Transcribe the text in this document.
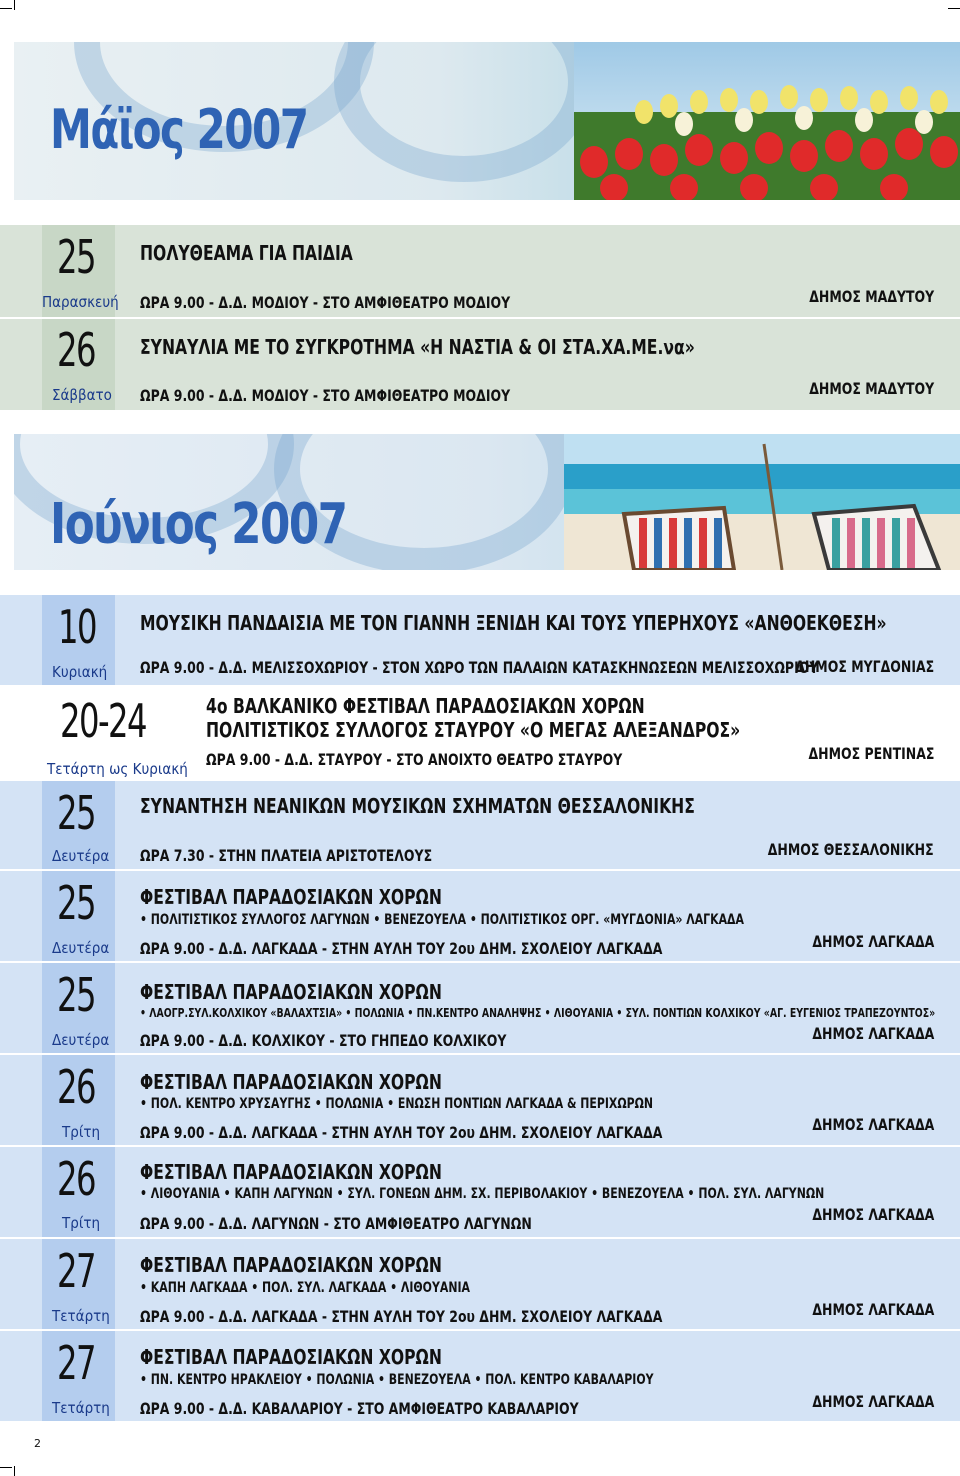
Μάϊος 2007
25
Παρασκευή
ΠΟΛΥΘΕΑΜΑ ΓΙΑ ΠΑΙΔΙΑ
ΩΡΑ 9.00 - Δ.Δ. ΜΟΔΙΟΥ - ΣΤΟ ΑΜΦΙΘΕΑΤΡΟ ΜΟΔΙΟΥ	ΔΗΜΟΣ ΜΑΔΥΤΟΥ
26
Σάββατο
ΣΥΝΑΥΛΙΑ ΜΕ ΤΟ ΣΥΓΚΡΟΤΗΜΑ «Η ΝΑΣΤΙΑ & ΟΙ ΣΤΑ.ΧΑ.ΜΕ.να»
ΩΡΑ 9.00 - Δ.Δ. ΜΟΔΙΟΥ - ΣΤΟ ΑΜΦΙΘΕΑΤΡΟ ΜΟΔΙΟΥ	ΔΗΜΟΣ ΜΑΔΥΤΟΥ
Ιούνιος 2007
10
Κυριακή
ΜΟΥΣΙΚΗ ΠΑΝΔΑΙΣΙΑ ΜΕ ΤΟΝ ΓΙΑΝΝΗ ΞΕΝΙΔΗ ΚΑΙ ΤΟΥΣ ΥΠΕΡΗΧΟΥΣ «ΑΝΘΟΕΚΘΕΣΗ»
ΩΡΑ 9.00 - Δ.Δ. ΜΕΛΙΣΣΟΧΩΡΙΟΥ - ΣΤΟΝ ΧΩΡΟ ΤΩΝ ΠΑΛΑΙΩΝ ΚΑΤΑΣΚΗΝΩΣΕΩΝ ΜΕΛΙΣΣΟΧΩΡΙΟΥ
ΔΗΜΟΣ ΜΥΓΔΟΝΙΑΣ
20-24
Τετάρτη ως Κυριακή
4ο ΒΑΛΚΑΝΙΚΟ ΦΕΣΤΙΒΑΛ ΠΑΡΑΔΟΣΙΑΚΩΝ ΧΟΡΩΝ
ΠΟΛΙΤΙΣΤΙΚΟΣ ΣΥΛΛΟΓΟΣ ΣΤΑΥΡΟΥ «Ο ΜΕΓΑΣ ΑΛΕΞΑΝΔΡΟΣ»
ΩΡΑ 9.00 - Δ.Δ. ΣΤΑΥΡΟΥ - ΣΤΟ ΑΝΟΙΧΤΟ ΘΕΑΤΡΟ ΣΤΑΥΡΟΥ	ΔΗΜΟΣ ΡΕΝΤΙΝΑΣ
25
Δευτέρα
ΣΥΝΑΝΤΗΣΗ ΝΕΑΝΙΚΩΝ ΜΟΥΣΙΚΩΝ ΣΧΗΜΑΤΩΝ ΘΕΣΣΑΛΟΝΙΚΗΣ
ΩΡΑ 7.30 - ΣΤΗΝ ΠΛΑΤΕΙΑ ΑΡΙΣΤΟΤΕΛΟΥΣ	ΔΗΜΟΣ ΘΕΣΣΑΛΟΝΙΚΗΣ
25
Δευτέρα
ΦΕΣΤΙΒΑΛ ΠΑΡΑΔΟΣΙΑΚΩΝ ΧΟΡΩΝ
• ΠΟΛΙΤΙΣΤΙΚΟΣ ΣΥΛΛΟΓΟΣ ΛΑΓΥΝΩΝ • ΒΕΝΕΖΟΥΕΛΑ • ΠΟΛΙΤΙΣΤΙΚΟΣ ΟΡΓ. «ΜΥΓΔΟΝΙΑ» ΛΑΓΚΑΔΑ
ΩΡΑ 9.00 - Δ.Δ. ΛΑΓΚΑΔΑ - ΣΤΗΝ ΑΥΛΗ ΤΟΥ 2ου ΔΗΜ. ΣΧΟΛΕΙΟΥ ΛΑΓΚΑΔΑ	ΔΗΜΟΣ ΛΑΓΚΑΔΑ
25
Δευτέρα
ΦΕΣΤΙΒΑΛ ΠΑΡΑΔΟΣΙΑΚΩΝ ΧΟΡΩΝ
• ΛΑΟΓΡ.ΣΥΛ.ΚΟΛΧΙΚΟΥ «ΒΑΛΑΧΤΣΙΑ» • ΠΟΛΩΝΙΑ • ΠΝ.ΚΕΝΤΡΟ ΑΝΑΛΗΨΗΣ • ΛΙΘΟΥΑΝΙΑ • ΣΥΛ. ΠΟΝΤΙΩΝ ΚΟΛΧΙΚΟΥ «ΑΓ. ΕΥΓΕΝΙΟΣ ΤΡΑΠΕΖΟΥΝΤΟΣ»
ΩΡΑ 9.00 - Δ.Δ. ΚΟΛΧΙΚΟΥ - ΣΤΟ ΓΗΠΕΔΟ ΚΟΛΧΙΚΟΥ	ΔΗΜΟΣ ΛΑΓΚΑΔΑ
26
Τρίτη
ΦΕΣΤΙΒΑΛ ΠΑΡΑΔΟΣΙΑΚΩΝ ΧΟΡΩΝ
• ΠΟΛ. ΚΕΝΤΡΟ ΧΡΥΣΑΥΓΗΣ • ΠΟΛΩΝΙΑ • ΕΝΩΣΗ ΠΟΝΤΙΩΝ ΛΑΓΚΑΔΑ & ΠΕΡΙΧΩΡΩΝ
ΩΡΑ 9.00 - Δ.Δ. ΛΑΓΚΑΔΑ - ΣΤΗΝ ΑΥΛΗ ΤΟΥ 2ου ΔΗΜ. ΣΧΟΛΕΙΟΥ ΛΑΓΚΑΔΑ	ΔΗΜΟΣ ΛΑΓΚΑΔΑ
26
Τρίτη
ΦΕΣΤΙΒΑΛ ΠΑΡΑΔΟΣΙΑΚΩΝ ΧΟΡΩΝ
• ΛΙΘΟΥΑΝΙΑ • ΚΑΠΗ ΛΑΓΥΝΩΝ • ΣΥΛ. ΓΟΝΕΩΝ ΔΗΜ. ΣΧ. ΠΕΡΙΒΟΛΑΚΙΟΥ • ΒΕΝΕΖΟΥΕΛΑ • ΠΟΛ. ΣΥΛ. ΛΑΓΥΝΩΝ
ΩΡΑ 9.00 - Δ.Δ. ΛΑΓΥΝΩΝ - ΣΤΟ ΑΜΦΙΘΕΑΤΡΟ ΛΑΓΥΝΩΝ	ΔΗΜΟΣ ΛΑΓΚΑΔΑ
27
Τετάρτη
ΦΕΣΤΙΒΑΛ ΠΑΡΑΔΟΣΙΑΚΩΝ ΧΟΡΩΝ
• ΚΑΠΗ ΛΑΓΚΑΔΑ • ΠΟΛ. ΣΥΛ. ΛΑΓΚΑΔΑ • ΛΙΘΟΥΑΝΙΑ
ΩΡΑ 9.00 - Δ.Δ. ΛΑΓΚΑΔΑ - ΣΤΗΝ ΑΥΛΗ ΤΟΥ 2ου ΔΗΜ. ΣΧΟΛΕΙΟΥ ΛΑΓΚΑΔΑ	ΔΗΜΟΣ ΛΑΓΚΑΔΑ
27
Τετάρτη
ΦΕΣΤΙΒΑΛ ΠΑΡΑΔΟΣΙΑΚΩΝ ΧΟΡΩΝ
• ΠΝ. ΚΕΝΤΡΟ ΗΡΑΚΛΕΙΟΥ • ΠΟΛΩΝΙΑ • ΒΕΝΕΖΟΥΕΛΑ • ΠΟΛ. ΚΕΝΤΡΟ ΚΑΒΑΛΑΡΙΟΥ
ΩΡΑ 9.00 - Δ.Δ. ΚΑΒΑΛΑΡΙΟΥ - ΣΤΟ ΑΜΦΙΘΕΑΤΡΟ ΚΑΒΑΛΑΡΙΟΥ	ΔΗΜΟΣ ΛΑΓΚΑΔΑ
2
